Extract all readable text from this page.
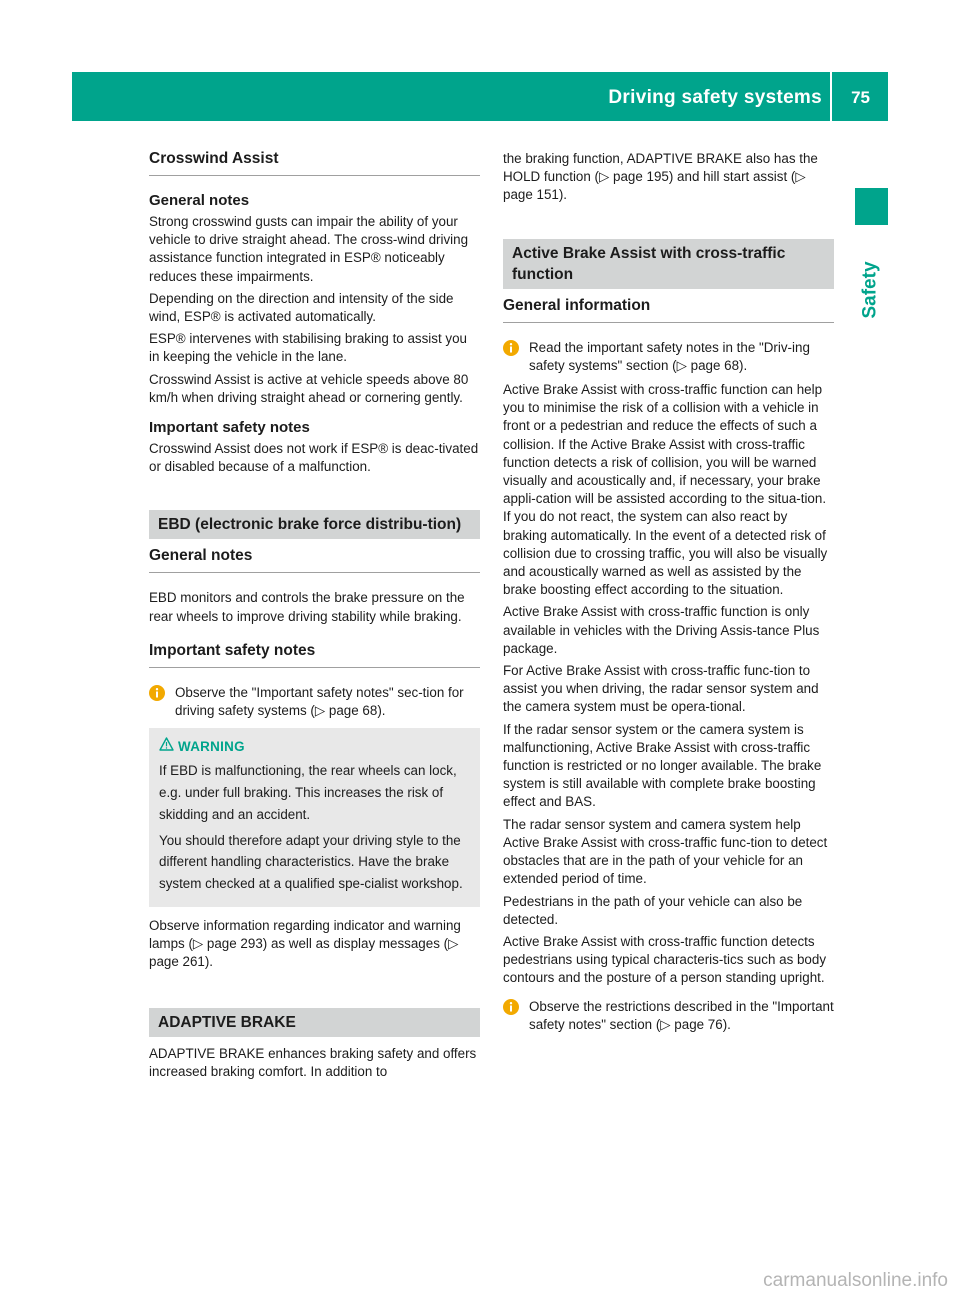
Driving safety systems 75
Safety
Crosswind Assist
General notes

Strong crosswind gusts can impair the ability of your vehicle to drive straight ahead. The cross-wind driving assistance function integrated in ESP® noticeably reduces these impairments.

Depending on the direction and intensity of the side wind, ESP® is activated automatically.

ESP® intervenes with stabilising braking to assist you in keeping the vehicle in the lane.

Crosswind Assist is active at vehicle speeds above 80 km/h when driving straight ahead or cornering gently.

Important safety notes

Crosswind Assist does not work if ESP® is deac-tivated or disabled because of a malfunction.

EBD (electronic brake force distribu-tion)
General notes

EBD monitors and controls the brake pressure on the rear wheels to improve driving stability while braking.

Important safety notes

Observe the "Important safety notes" sec-tion for driving safety systems (▷ page 68).

WARNING

If EBD is malfunctioning, the rear wheels can lock, e.g. under full braking. This increases the risk of skidding and an accident.

You should therefore adapt your driving style to the different handling characteristics. Have the brake system checked at a qualified spe-cialist workshop.

Observe information regarding indicator and warning lamps (▷ page 293) as well as display messages (▷ page 261).

ADAPTIVE BRAKE

ADAPTIVE BRAKE enhances braking safety and offers increased braking comfort. In addition to

the braking function, ADAPTIVE BRAKE also has the HOLD function (▷ page 195) and hill start assist (▷ page 151).

Active Brake Assist with cross-traffic function
General information

Read the important safety notes in the "Driv-ing safety systems" section (▷ page 68).

Active Brake Assist with cross-traffic function can help you to minimise the risk of a collision with a vehicle in front or a pedestrian and reduce the effects of such a collision. If the Active Brake Assist with cross-traffic function detects a risk of collision, you will be warned visually and acoustically and, if necessary, your brake appli-cation will be assisted according to the situa-tion. If you do not react, the system can also react by braking automatically. In the event of a detected risk of collision due to crossing traffic, you will also be visually and acoustically warned as well as assisted by the brake boosting effect according to the situation.

Active Brake Assist with cross-traffic function is only available in vehicles with the Driving Assis-tance Plus package.

For Active Brake Assist with cross-traffic func-tion to assist you when driving, the radar sensor system and the camera system must be opera-tional.

If the radar sensor system or the camera system is malfunctioning, Active Brake Assist with cross-traffic function is restricted or no longer available. The brake system is still available with complete brake boosting effect and BAS.

The radar sensor system and camera system help Active Brake Assist with cross-traffic func-tion to detect obstacles that are in the path of your vehicle for an extended period of time.

Pedestrians in the path of your vehicle can also be detected.

Active Brake Assist with cross-traffic function detects pedestrians using typical characteris-tics such as body contours and the posture of a person standing upright.

Observe the restrictions described in the "Important safety notes" section (▷ page 76).

carmanualsonline.info
